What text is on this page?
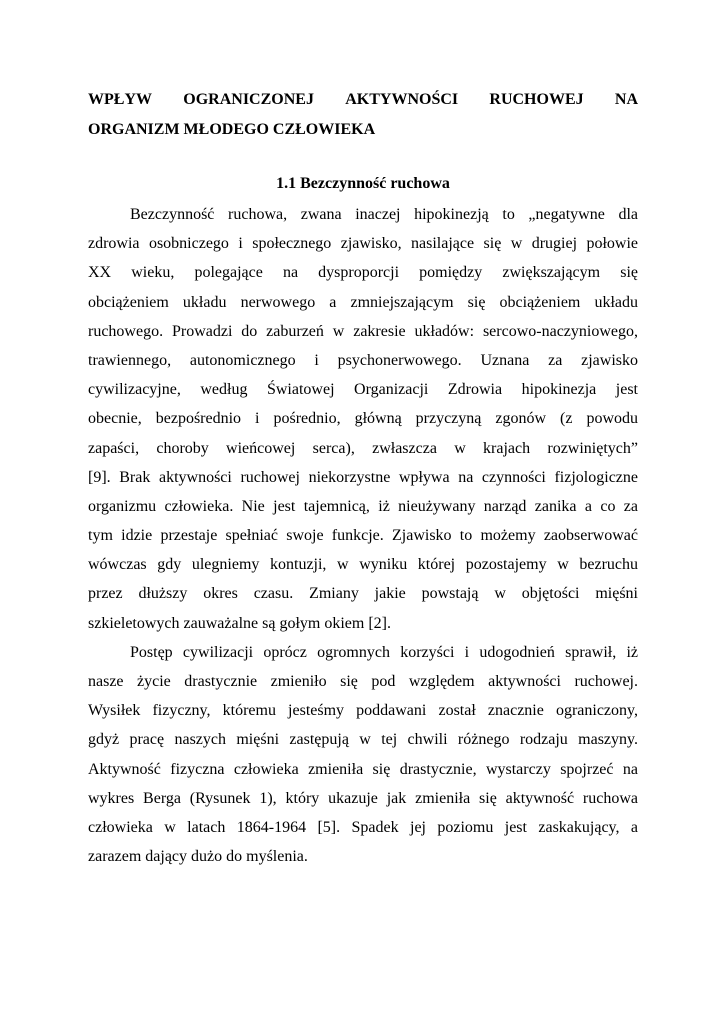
WPŁYW OGRANICZONEJ AKTYWNOŚCI RUCHOWEJ NA
ORGANIZM MŁODEGO CZŁOWIEKA
1.1 Bezczynność ruchowa
Bezczynność ruchowa, zwana inaczej hipokinezją to „negatywne dla
zdrowia osobniczego i społecznego zjawisko, nasilające się w drugiej połowie
XX wieku, polegające na dysproporcji pomiędzy zwiększającym się
obciążeniem układu nerwowego a zmniejszającym się obciążeniem układu
ruchowego. Prowadzi do zaburzeń w zakresie układów: sercowo-naczyniowego,
trawiennego, autonomicznego i psychonerwowego. Uznana za zjawisko
cywilizacyjne, według Światowej Organizacji Zdrowia hipokinezja jest
obecnie, bezpośrednio i pośrednio, główną przyczyną zgonów (z powodu
zapaści, choroby wieńcowej serca), zwłaszcza w krajach rozwiniętych”
[9]. Brak aktywności ruchowej niekorzystne wpływa na czynności fizjologiczne
organizmu człowieka. Nie jest tajemnicą, iż nieużywany narząd zanika a co za
tym idzie przestaje spełniać swoje funkcje. Zjawisko to możemy zaobserwować
wówczas gdy ulegniemy kontuzji, w wyniku której pozostajemy w bezruchu
przez dłuższy okres czasu. Zmiany jakie powstają w objętości mięśni
szkieletowych zauważalne są gołym okiem [2].
Postęp cywilizacji oprócz ogromnych korzyści i udogodnień sprawił, iż
nasze życie drastycznie zmieniło się pod względem aktywności ruchowej.
Wysiłek fizyczny, któremu jesteśmy poddawani został znacznie ograniczony,
gdyż pracę naszych mięśni zastępują w tej chwili różnego rodzaju maszyny.
Aktywność fizyczna człowieka zmieniła się drastycznie, wystarczy spojrzeć na
wykres Berga (Rysunek 1), który ukazuje jak zmieniła się aktywność ruchowa
człowieka w latach 1864-1964 [5]. Spadek jej poziomu jest zaskakujący, a
zarazem dający dużo do myślenia.
